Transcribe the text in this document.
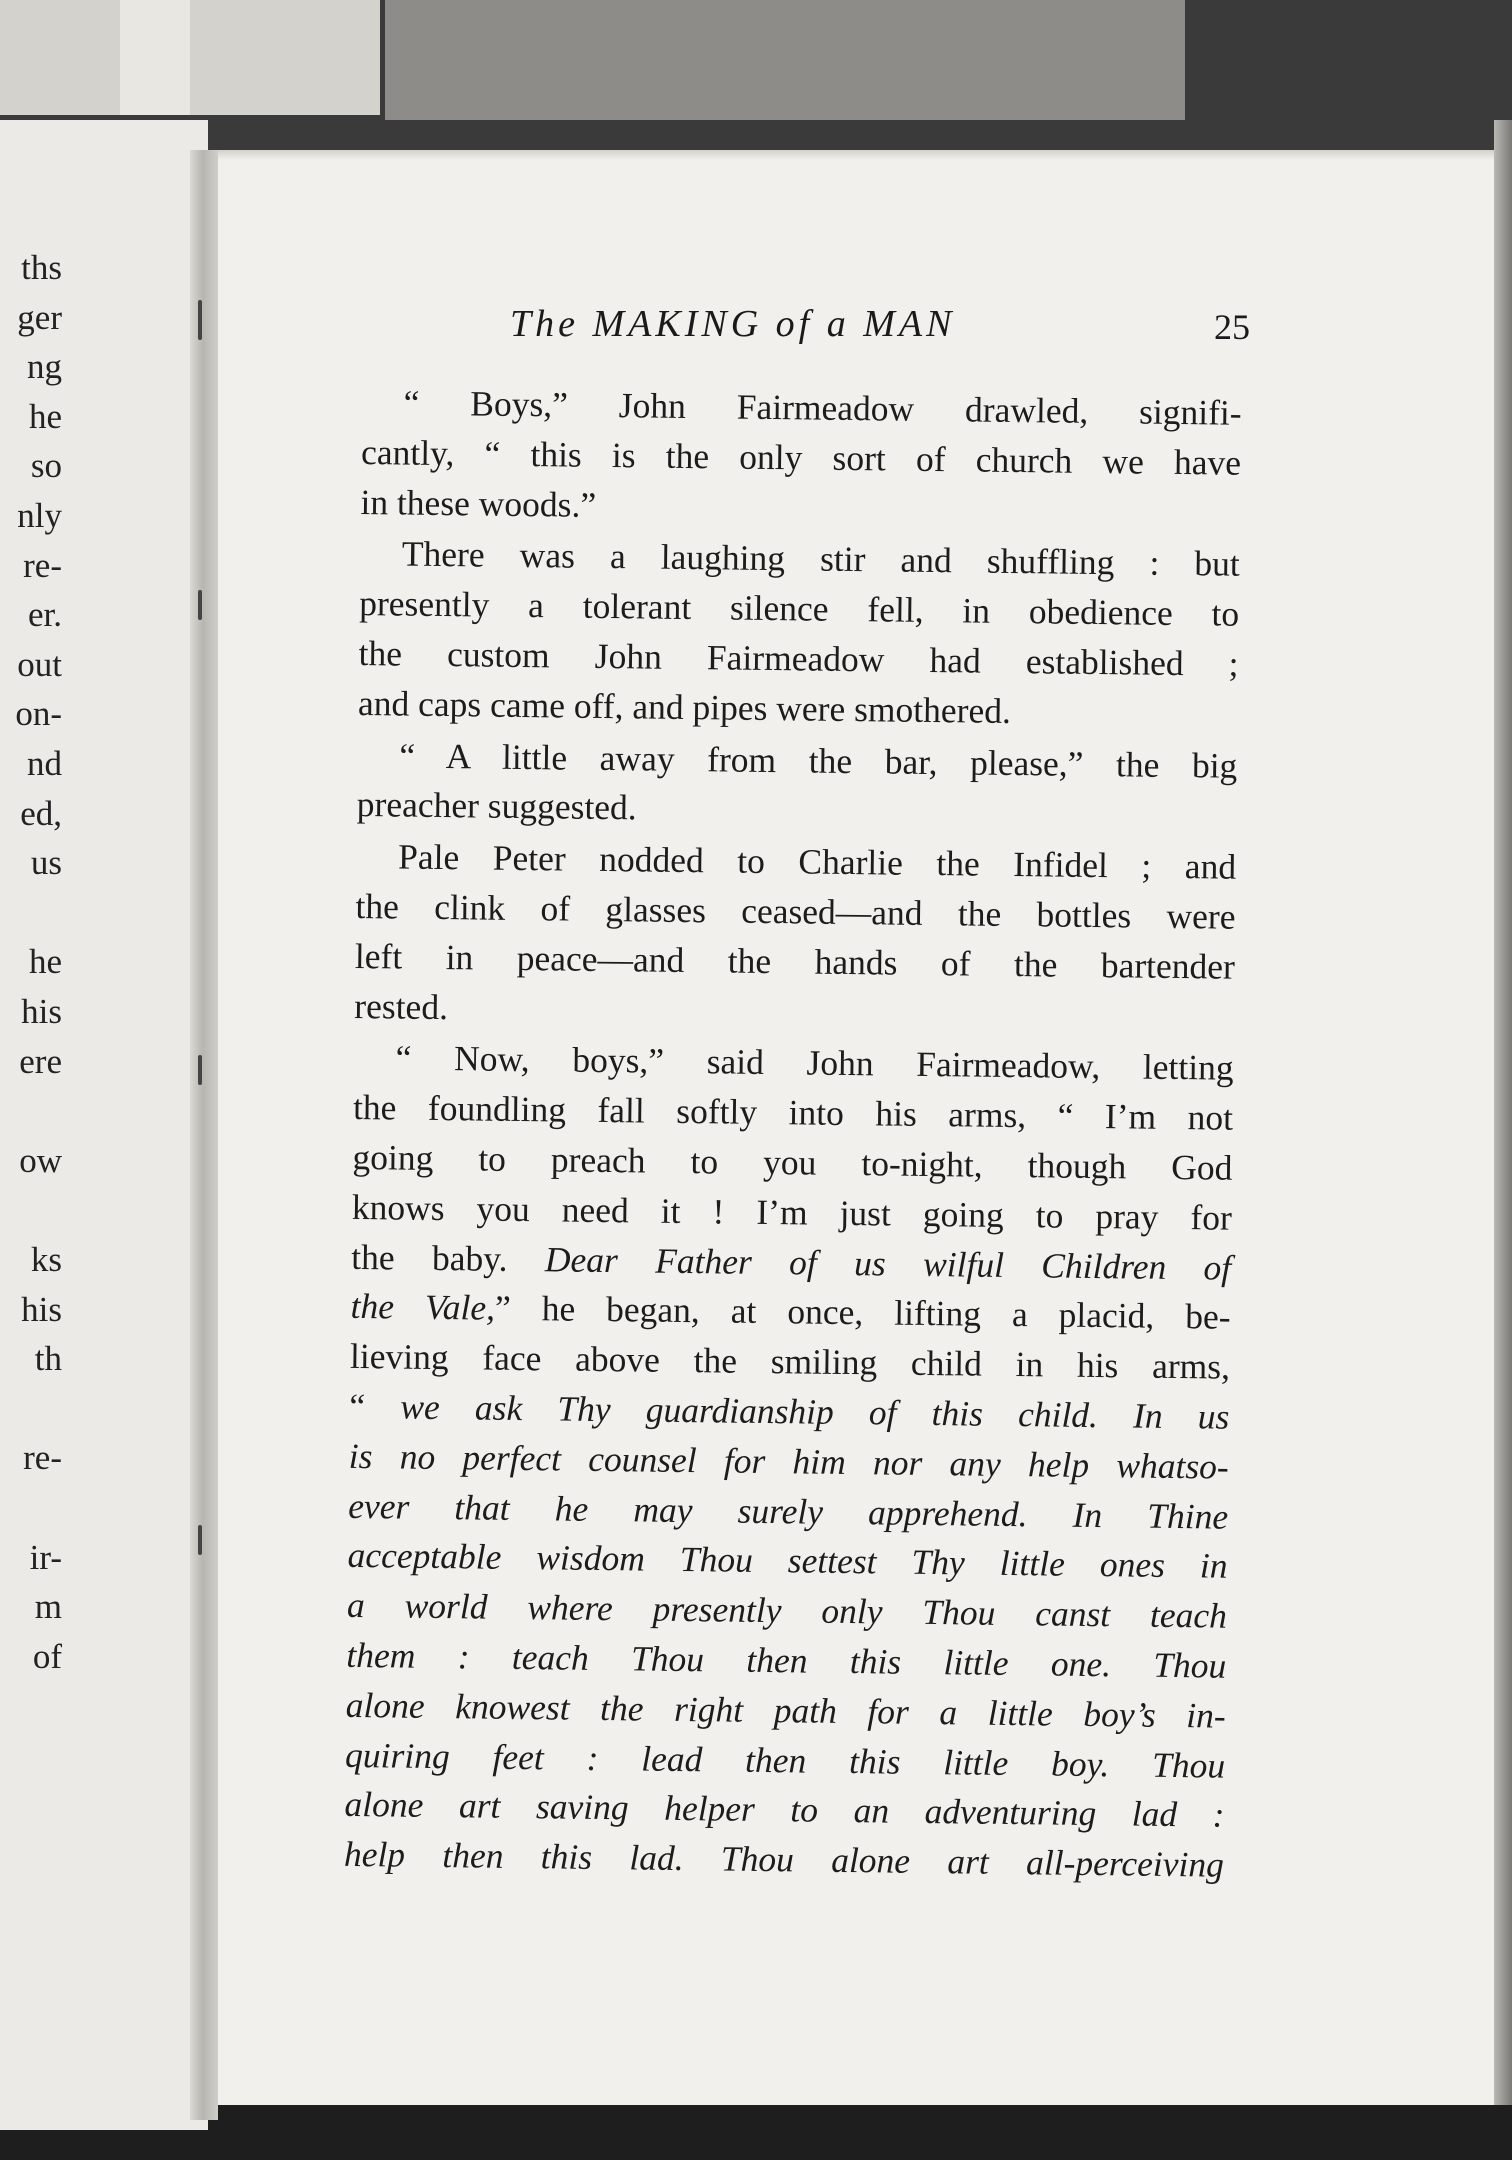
ths
ger
ng
he
so
nly
re-
er.
out
on-
nd
ed,
us
he
his
ere
ow
ks
his
th
re-
ir-
m
of
The MAKING of a MAN	25
“ Boys,” John Fairmeadow drawled, signifi-
cantly, “ this is the only sort of church we have
in these woods.”
There was a laughing stir and shuffling : but
presently a tolerant silence fell, in obedience to
the custom John Fairmeadow had established ;
and caps came off, and pipes were smothered.
“ A little away from the bar, please,” the big
preacher suggested.
Pale Peter nodded to Charlie the Infidel ; and
the clink of glasses ceased—and the bottles were
left in peace—and the hands of the bartender
rested.
“ Now, boys,” said John Fairmeadow, letting
the foundling fall softly into his arms, “ I’m not
going to preach to you to-night, though God
knows you need it ! I’m just going to pray for
the baby. Dear Father of us wilful Children of
the Vale,” he began, at once, lifting a placid, be-
lieving face above the smiling child in his arms,
“ we ask Thy guardianship of this child. In us
is no perfect counsel for him nor any help whatso-
ever that he may surely apprehend. In Thine
acceptable wisdom Thou settest Thy little ones in
a world where presently only Thou canst teach
them : teach Thou then this little one. Thou
alone knowest the right path for a little boy’s in-
quiring feet : lead then this little boy. Thou
alone art saving helper to an adventuring lad :
help then this lad. Thou alone art all-perceiving
